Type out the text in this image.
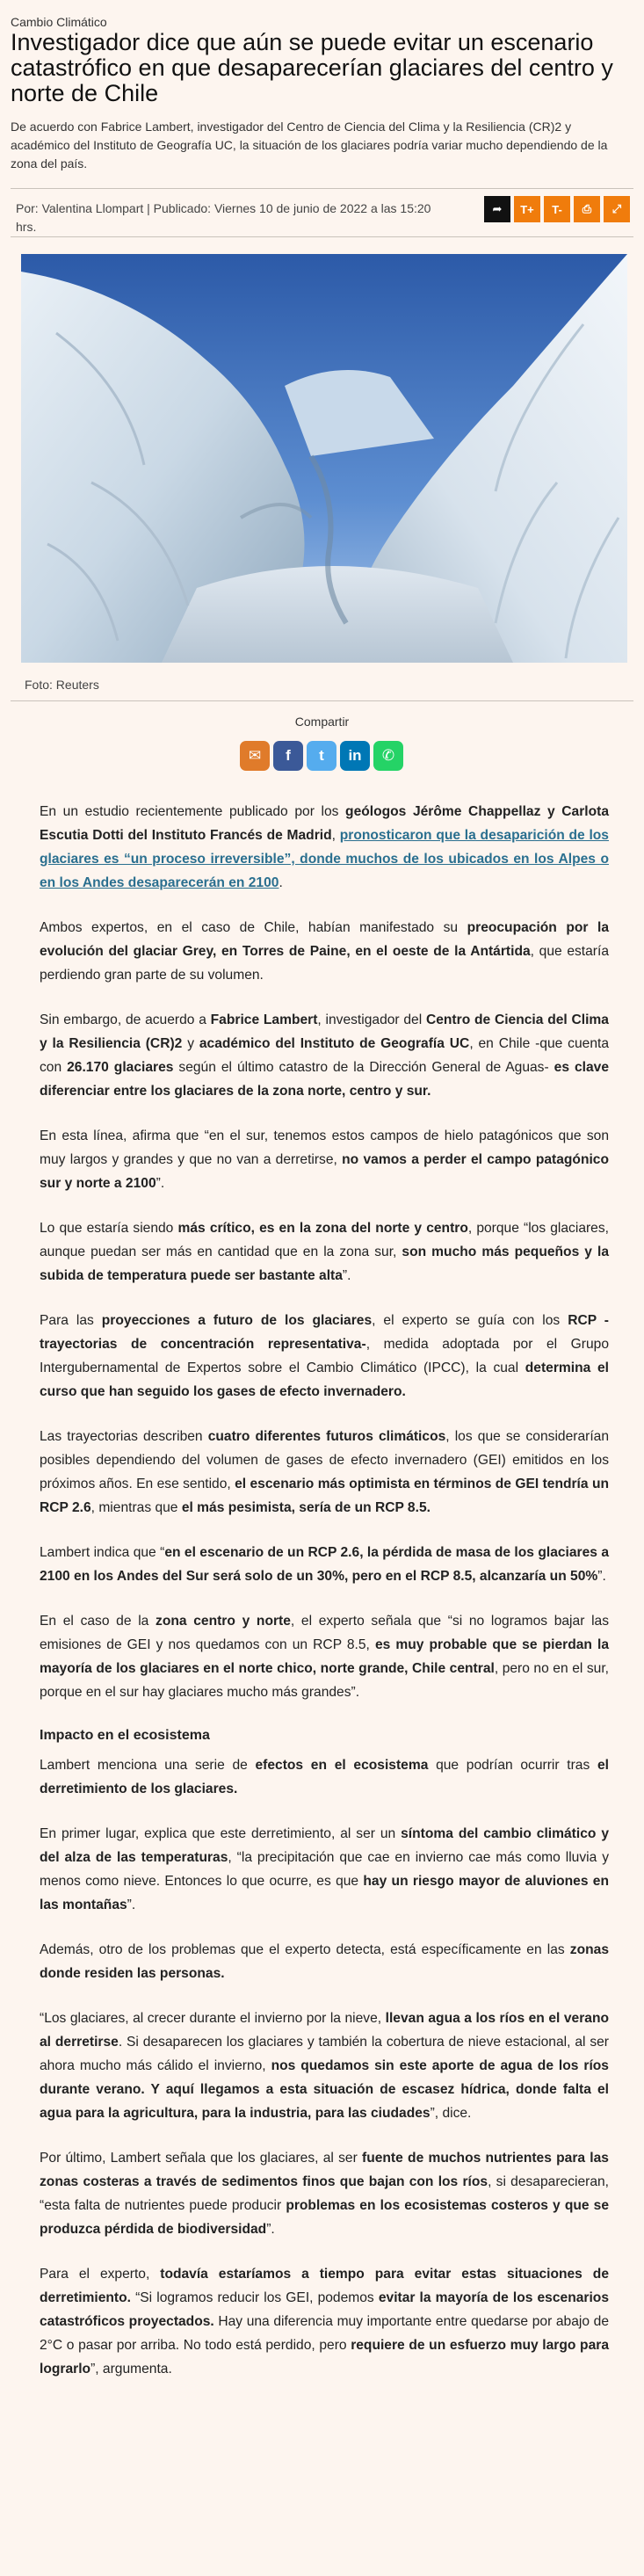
Cambio Climático
Investigador dice que aún se puede evitar un escenario catastrófico en que desaparecerían glaciares del centro y norte de Chile
De acuerdo con Fabrice Lambert, investigador del Centro de Ciencia del Clima y la Resiliencia (CR)2 y académico del Instituto de Geografía UC, la situación de los glaciares podría variar mucho dependiendo de la zona del país.
Por: Valentina Llompart | Publicado: Viernes 10 de junio de 2022 a las 15:20 hrs.
➦	T+	T-	⎙	⤢
Foto: Reuters
Compartir
✉	f	t	in	✆

En un estudio recientemente publicado por los geólogos Jérôme Chappellaz y Carlota Escutia Dotti del Instituto Francés de Madrid, pronosticaron que la desaparición de los glaciares es “un proceso irreversible”, donde muchos de los ubicados en los Alpes o en los Andes desaparecerán en 2100.

Ambos expertos, en el caso de Chile, habían manifestado su preocupación por la evolución del glaciar Grey, en Torres de Paine, en el oeste de la Antártida, que estaría perdiendo gran parte de su volumen.

Sin embargo, de acuerdo a Fabrice Lambert, investigador del Centro de Ciencia del Clima y la Resiliencia (CR)2 y académico del Instituto de Geografía UC, en Chile -que cuenta con 26.170 glaciares según el último catastro de la Dirección General de Aguas- es clave diferenciar entre los glaciares de la zona norte, centro y sur.

En esta línea, afirma que “en el sur, tenemos estos campos de hielo patagónicos que son muy largos y grandes y que no van a derretirse, no vamos a perder el campo patagónico sur y norte a 2100”.

Lo que estaría siendo más crítico, es en la zona del norte y centro, porque “los glaciares, aunque puedan ser más en cantidad que en la zona sur, son mucho más pequeños y la subida de temperatura puede ser bastante alta”.

Para las proyecciones a futuro de los glaciares, el experto se guía con los RCP -trayectorias de concentración representativa-, medida adoptada por el Grupo Intergubernamental de Expertos sobre el Cambio Climático (IPCC), la cual determina el curso que han seguido los gases de efecto invernadero.

Las trayectorias describen cuatro diferentes futuros climáticos, los que se considerarían posibles dependiendo del volumen de gases de efecto invernadero (GEI) emitidos en los próximos años. En ese sentido, el escenario más optimista en términos de GEI tendría un RCP 2.6, mientras que el más pesimista, sería de un RCP 8.5.

Lambert indica que “en el escenario de un RCP 2.6, la pérdida de masa de los glaciares a 2100 en los Andes del Sur será solo de un 30%, pero en el RCP 8.5, alcanzaría un 50%”.

En el caso de la zona centro y norte, el experto señala que “si no logramos bajar las emisiones de GEI y nos quedamos con un RCP 8.5, es muy probable que se pierdan la mayoría de los glaciares en el norte chico, norte grande, Chile central, pero no en el sur, porque en el sur hay glaciares mucho más grandes”.

Impacto en el ecosistema

Lambert menciona una serie de efectos en el ecosistema que podrían ocurrir tras el derretimiento de los glaciares.

En primer lugar, explica que este derretimiento, al ser un síntoma del cambio climático y del alza de las temperaturas, “la precipitación que cae en invierno cae más como lluvia y menos como nieve. Entonces lo que ocurre, es que hay un riesgo mayor de aluviones en las montañas”.

Además, otro de los problemas que el experto detecta, está específicamente en las zonas donde residen las personas.

“Los glaciares, al crecer durante el invierno por la nieve, llevan agua a los ríos en el verano al derretirse. Si desaparecen los glaciares y también la cobertura de nieve estacional, al ser ahora mucho más cálido el invierno, nos quedamos sin este aporte de agua de los ríos durante verano. Y aquí llegamos a esta situación de escasez hídrica, donde falta el agua para la agricultura, para la industria, para las ciudades”, dice.

Por último, Lambert señala que los glaciares, al ser fuente de muchos nutrientes para las zonas costeras a través de sedimentos finos que bajan con los ríos, si desaparecieran, “esta falta de nutrientes puede producir problemas en los ecosistemas costeros y que se produzca pérdida de biodiversidad”.

Para el experto, todavía estaríamos a tiempo para evitar estas situaciones de derretimiento. “Si logramos reducir los GEI, podemos evitar la mayoría de los escenarios catastróficos proyectados. Hay una diferencia muy importante entre quedarse por abajo de 2°C o pasar por arriba. No todo está perdido, pero requiere de un esfuerzo muy largo para lograrlo”, argumenta.
